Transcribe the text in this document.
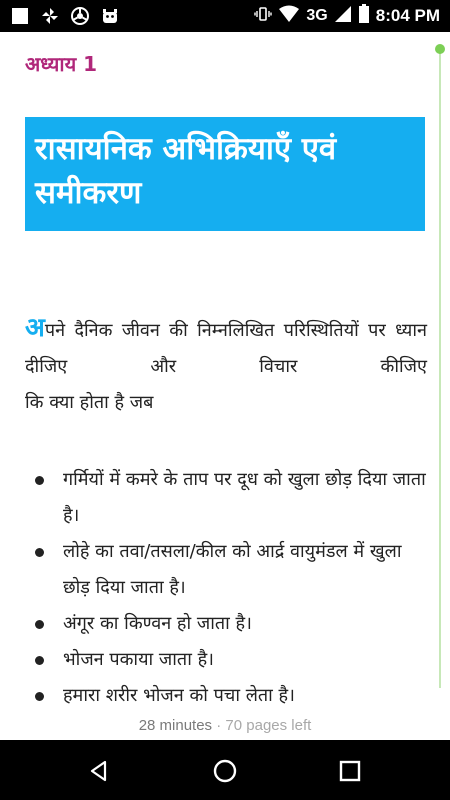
3G	8:04 PM
अध्याय 1
रासायनिक अभिक्रियाएँ एवं समीकरण
अपने दैनिक जीवन की निम्नलिखित परिस्थितियों पर ध्यान दीजिए और विचार कीजिए
कि क्या होता है जब
गर्मियों में कमरे के ताप पर दूध को खुला छोड़ दिया जाता है।
लोहे का तवा/तसला/कील को आर्द्र वायुमंडल में खुला छोड़ दिया जाता है।
अंगूर का किण्वन हो जाता है।
भोजन पकाया जाता है।
हमारा शरीर भोजन को पचा लेता है।
28 minutes · 70 pages left
